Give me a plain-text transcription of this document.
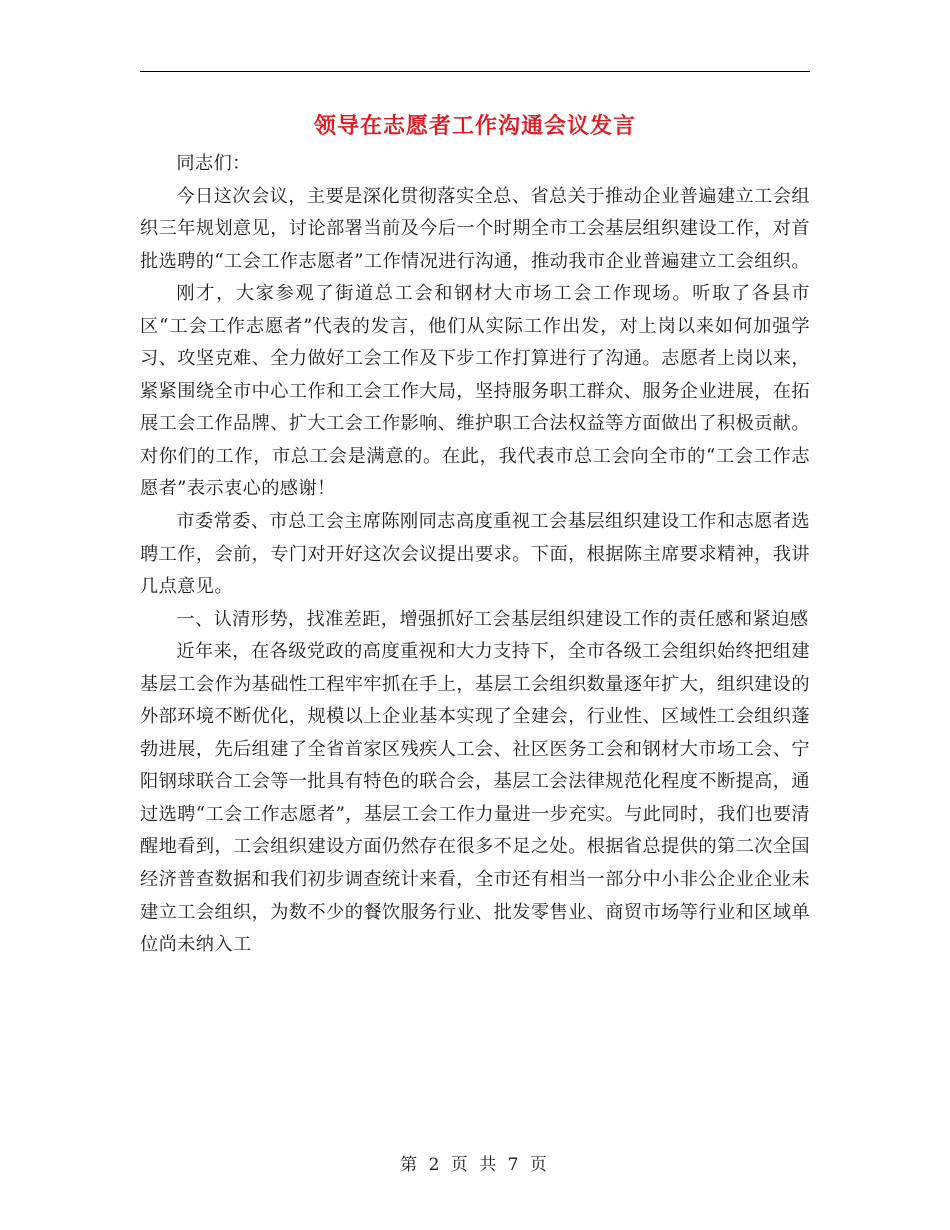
领导在志愿者工作沟通会议发言

同志们：

今日这次会议，主要是深化贯彻落实全总、省总关于推动企业普遍建立工会组织三年规划意见，讨论部署当前及今后一个时期全市工会基层组织建设工作，对首批选聘的“工会工作志愿者”工作情况进行沟通，推动我市企业普遍建立工会组织。

刚才，大家参观了街道总工会和钢材大市场工会工作现场。听取了各县市区“工会工作志愿者”代表的发言，他们从实际工作出发，对上岗以来如何加强学习、攻坚克难、全力做好工会工作及下步工作打算进行了沟通。志愿者上岗以来，紧紧围绕全市中心工作和工会工作大局，坚持服务职工群众、服务企业进展，在拓展工会工作品牌、扩大工会工作影响、维护职工合法权益等方面做出了积极贡献。对你们的工作，市总工会是满意的。在此，我代表市总工会向全市的“工会工作志愿者”表示衷心的感谢！

市委常委、市总工会主席陈刚同志高度重视工会基层组织建设工作和志愿者选聘工作，会前，专门对开好这次会议提出要求。下面，根据陈主席要求精神，我讲几点意见。

一、认清形势，找准差距，增强抓好工会基层组织建设工作的责任感和紧迫感

近年来，在各级党政的高度重视和大力支持下，全市各级工会组织始终把组建基层工会作为基础性工程牢牢抓在手上，基层工会组织数量逐年扩大，组织建设的外部环境不断优化，规模以上企业基本实现了全建会，行业性、区域性工会组织蓬勃进展，先后组建了全省首家区残疾人工会、社区医务工会和钢材大市场工会、宁阳钢球联合工会等一批具有特色的联合会，基层工会法律规范化程度不断提高，通过选聘“工会工作志愿者”，基层工会工作力量进一步充实。与此同时，我们也要清醒地看到，工会组织建设方面仍然存在很多不足之处。根据省总提供的第二次全国经济普查数据和我们初步调查统计来看，全市还有相当一部分中小非公企业企业未建立工会组织，为数不少的餐饮服务行业、批发零售业、商贸市场等行业和区域单位尚未纳入工

第 2 页 共 7 页
